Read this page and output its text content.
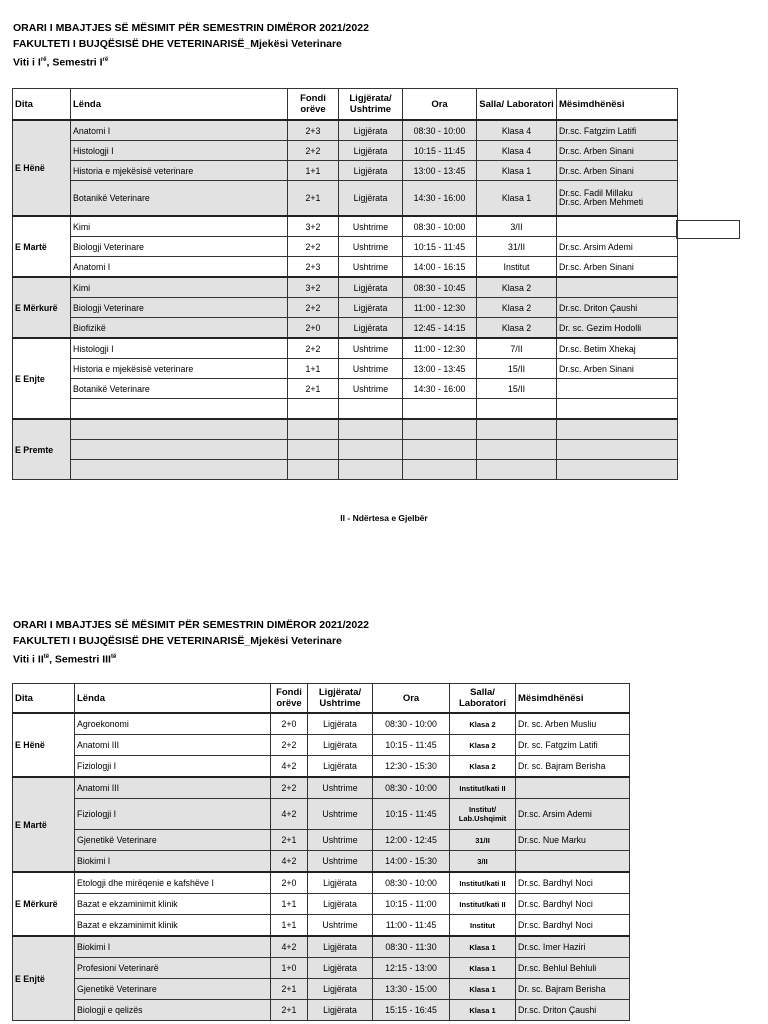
ORARI I MBAJTJES SË MËSIMIT PËR SEMESTRIN DIMËROR 2021/2022
FAKULTETI I BUJQËSISË DHE VETERINARISË_Mjekësi Veterinare
Viti i $I^{rë}$, Semestri $I^{rë}$
Dita	Lënda	Fondi orëve	Ligjërata/ Ushtrime	Ora	Salla/ Laboratori	Mësimdhënësi
E Hënë	Anatomi I	2+3	Ligjërata	08:30 - 10:00	Klasa 4	Dr.sc. Fatgzim Latifi
	Histologji I	2+2	Ligjërata	10:15 - 11:45	Klasa 4	Dr.sc. Arben Sinani
	Historia e mjekësisë veterinare	1+1	Ligjërata	13:00 - 13:45	Klasa 1	Dr.sc. Arben Sinani
	Botanikë Veterinare	2+1	Ligjërata	14:30 - 16:00	Klasa 1	Dr.sc. Fadil Millaku
Dr.sc. Arben Mehmeti
E Martë	Kimi	3+2	Ushtrime	08:30 - 10:00	3/II	
	Biologji Veterinare	2+2	Ushtrime	10:15 - 11:45	31/II	Dr.sc. Arsim Ademi
	Anatomi I	2+3	Ushtrime	14:00 - 16:15	Institut	Dr.sc. Arben Sinani
E Mërkurë	Kimi	3+2	Ligjërata	08:30 - 10:45	Klasa 2	
	Biologji Veterinare	2+2	Ligjërata	11:00 - 12:30	Klasa 2	Dr.sc. Driton Çaushi
	Biofizikë	2+0	Ligjërata	12:45 - 14:15	Klasa 2	Dr. sc. Gezim Hodolli
E Enjte	Histologji I	2+2	Ushtrime	11:00 - 12:30	7/II	Dr.sc. Betim Xhekaj
	Historia e mjekësisë veterinare	1+1	Ushtrime	13:00 - 13:45	15/II	Dr.sc. Arben Sinani
	Botanikë Veterinare	2+1	Ushtrime	14:30 - 16:00	15/II	

E Premte						

II - Ndërtesa e Gjelbër
ORARI I MBAJTJES SË MËSIMIT PËR SEMESTRIN DIMËROR 2021/2022
FAKULTETI I BUJQËSISË DHE VETERINARISË_Mjekësi Veterinare
Viti i $II^{të}$, Semestri $III^{të}$
Dita	Lënda	Fondi orëve	Ligjërata/ Ushtrime	Ora	Salla/ Laboratori	Mësimdhënësi
E Hënë	Agroekonomi	2+0	Ligjërata	08:30 - 10:00	Klasa 2	Dr. sc. Arben Musliu
	Anatomi III	2+2	Ligjërata	10:15 - 11:45	Klasa 2	Dr. sc. Fatgzim Latifi
	Fiziologji I	4+2	Ligjërata	12:30 - 15:30	Klasa 2	Dr. sc. Bajram Berisha
E Martë	Anatomi III	2+2	Ushtrime	08:30 - 10:00	Institut/kati II	
	Fiziologji I	4+2	Ushtrime	10:15 - 11:45	Institut/ Lab.Ushqimit	Dr.sc. Arsim Ademi
	Gjenetikë Veterinare	2+1	Ushtrime	12:00 - 12:45	31/II	Dr.sc. Nue Marku
	Biokimi I	4+2	Ushtrime	14:00 - 15:30	3/II	
E Mërkurë	Etologji dhe mirëqenie e kafshëve I	2+0	Ligjërata	08:30 - 10:00	Institut/kati II	Dr.sc. Bardhyl Noci
	Bazat e ekzaminimit klinik	1+1	Ligjërata	10:15 - 11:00	Institut/kati II	Dr.sc. Bardhyl Noci
	Bazat e ekzaminimit klinik	1+1	Ushtrime	11:00 - 11:45	Institut	Dr.sc. Bardhyl Noci
E Enjtë	Biokimi I	4+2	Ligjërata	08:30 - 11:30	Klasa 1	Dr.sc. Imer Haziri
	Profesioni Veterinarë	1+0	Ligjërata	12:15 - 13:00	Klasa 1	Dr.sc. Behlul Behluli
	Gjenetikë Veterinare	2+1	Ligjërata	13:30 - 15:00	Klasa 1	Dr. sc. Bajram Berisha
	Biologji e qelizës	2+1	Ligjërata	15:15 - 16:45	Klasa 1	Dr.sc. Driton Çaushi
